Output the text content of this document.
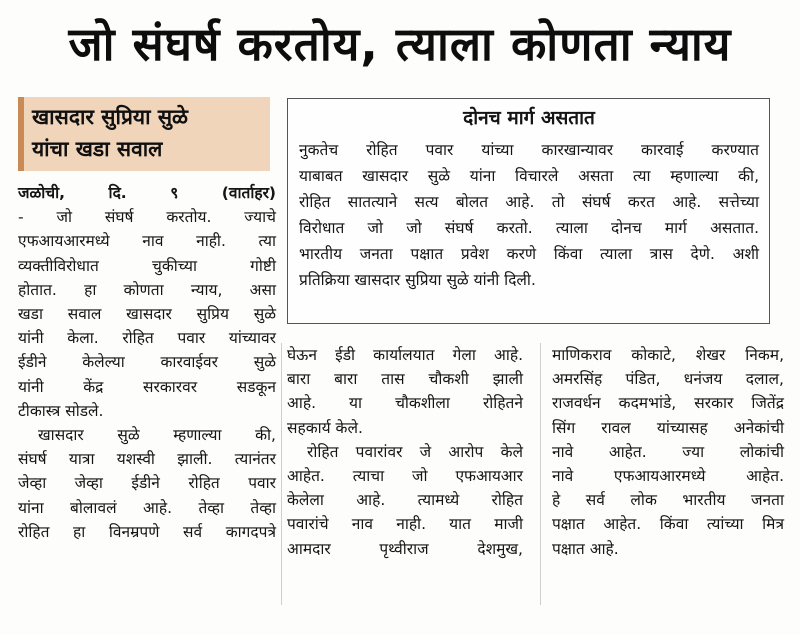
जो संघर्ष करतोय, त्याला कोणता न्याय
खासदार सुप्रिया सुळे
यांचा खडा सवाल
दोनच मार्ग असतात
नुकतेच रोहित पवार यांच्या कारखान्यावर कारवाई करण्यात
याबाबत खासदार सुळे यांना विचारले असता त्या म्हणाल्या की,
रोहित सातत्याने सत्य बोलत आहे. तो संघर्ष करत आहे. सत्तेच्या
विरोधात जो जो संघर्ष करतो. त्याला दोनच मार्ग असतात.
भारतीय जनता पक्षात प्रवेश करणे किंवा त्याला त्रास देणे. अशी
प्रतिक्रिया खासदार सुप्रिया सुळे यांनी दिली.
जळोची, दि. ९ (वार्ताहर)
- जो संघर्ष करतोय. ज्याचे
एफआयआरमध्ये नाव नाही. त्या
व्यक्तीविरोधात चुकीच्या गोष्टी
होतात. हा कोणता न्याय, असा
खडा सवाल खासदार सुप्रिय सुळे
यांनी केला. रोहित पवार यांच्यावर
ईडीने केलेल्या कारवाईवर सुळे
यांनी केंद्र सरकारवर सडकून
टीकास्त्र सोडले.
खासदार सुळे म्हणाल्या की,
संघर्ष यात्रा यशस्वी झाली. त्यानंतर
जेव्हा जेव्हा ईडीने रोहित पवार
यांना बोलावलं आहे. तेव्हा तेव्हा
रोहित हा विनम्रपणे सर्व कागदपत्रे
घेऊन ईडी कार्यालयात गेला आहे.
बारा बारा तास चौकशी झाली
आहे. या चौकशीला रोहितने
सहकार्य केले.
रोहित पवारांवर जे आरोप केले
आहेत. त्याचा जो एफआयआर
केलेला आहे. त्यामध्ये रोहित
पवारांचे नाव नाही. यात माजी
आमदार पृथ्वीराज देशमुख,
माणिकराव कोकाटे, शेखर निकम,
अमरसिंह पंडित, धनंजय दलाल,
राजवर्धन कदमभांडे, सरकार जितेंद्र
सिंग रावल यांच्यासह अनेकांची
नावे आहेत. ज्या लोकांची
नावे एफआयआरमध्ये आहेत.
हे सर्व लोक भारतीय जनता
पक्षात आहेत. किंवा त्यांच्या मित्र
पक्षात आहे.
